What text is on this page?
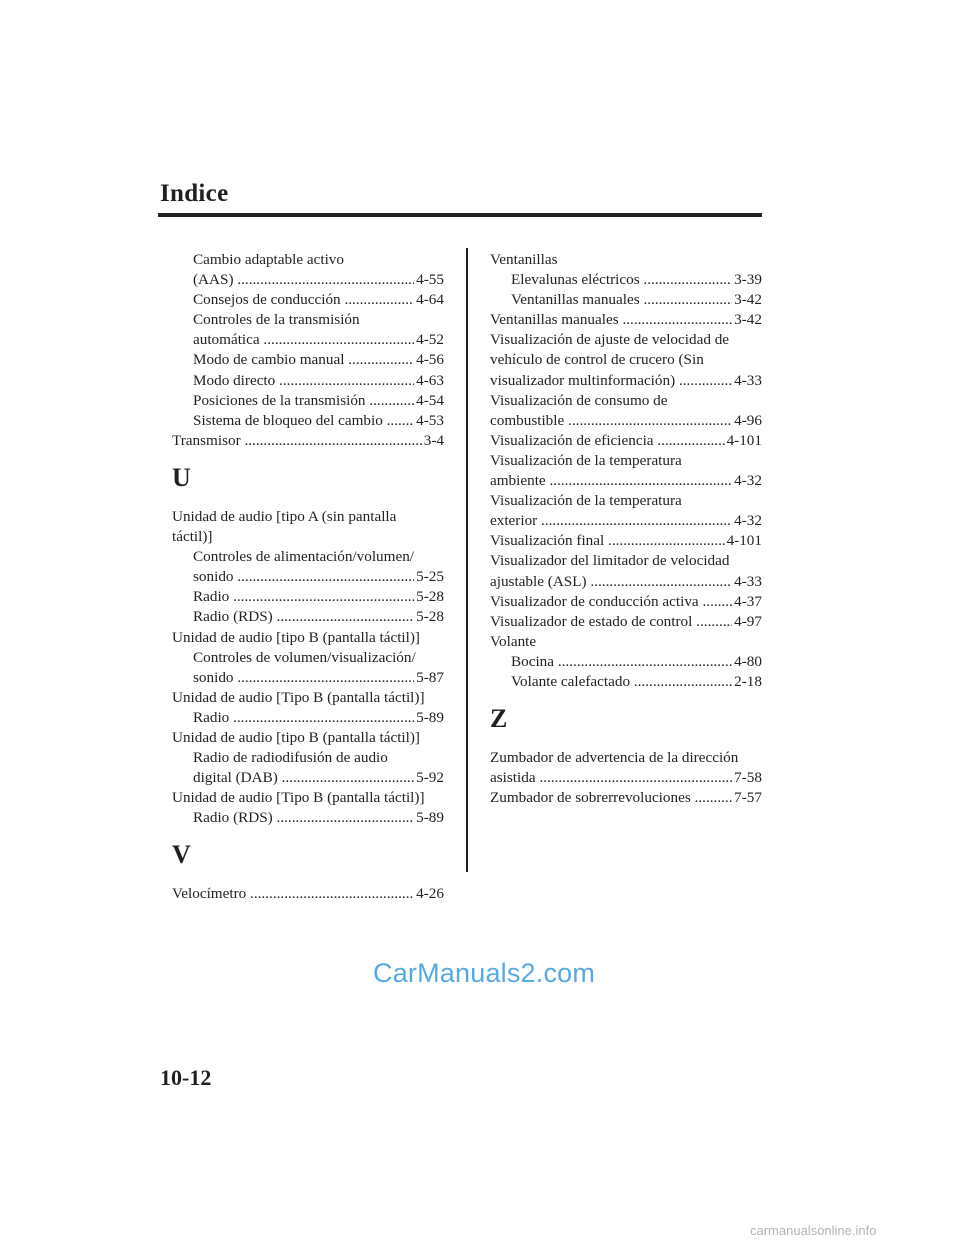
Indice
Cambio adaptable activo
(AAS) .....	4-55
Consejos de conducción .....	4-64
Controles de la transmisión
automática .....	4-52
Modo de cambio manual .....	4-56
Modo directo .....	4-63
Posiciones de la transmisión .....	4-54
Sistema de bloqueo del cambio .....	4-53
Transmisor .....	3-4
U
Unidad de audio [tipo A (sin pantalla
táctil)]
Controles de alimentación/volumen/
sonido .....	5-25
Radio .....	5-28
Radio (RDS) .....	5-28
Unidad de audio [tipo B (pantalla táctil)]
Controles de volumen/visualización/
sonido .....	5-87
Unidad de audio [Tipo B (pantalla táctil)]
Radio .....	5-89
Unidad de audio [tipo B (pantalla táctil)]
Radio de radiodifusión de audio
digital (DAB) .....	5-92
Unidad de audio [Tipo B (pantalla táctil)]
Radio (RDS) .....	5-89
V
Velocímetro .....	4-26
Ventanillas
Elevalunas eléctricos .....	3-39
Ventanillas manuales .....	3-42
Ventanillas manuales .....	3-42
Visualización de ajuste de velocidad de
vehículo de control de crucero (Sin
visualizador multinformación) .....	4-33
Visualización de consumo de
combustible .....	4-96
Visualización de eficiencia .....	4-101
Visualización de la temperatura
ambiente .....	4-32
Visualización de la temperatura
exterior .....	4-32
Visualización final .....	4-101
Visualizador del limitador de velocidad
ajustable (ASL) .....	4-33
Visualizador de conducción activa .....	4-37
Visualizador de estado de control .....	4-97
Volante
Bocina .....	4-80
Volante calefactado .....	2-18
Z
Zumbador de advertencia de la dirección
asistida .....	7-58
Zumbador de sobrerrevoluciones .....	7-57
CarManuals2.com
10-12
carmanualsonline.info
